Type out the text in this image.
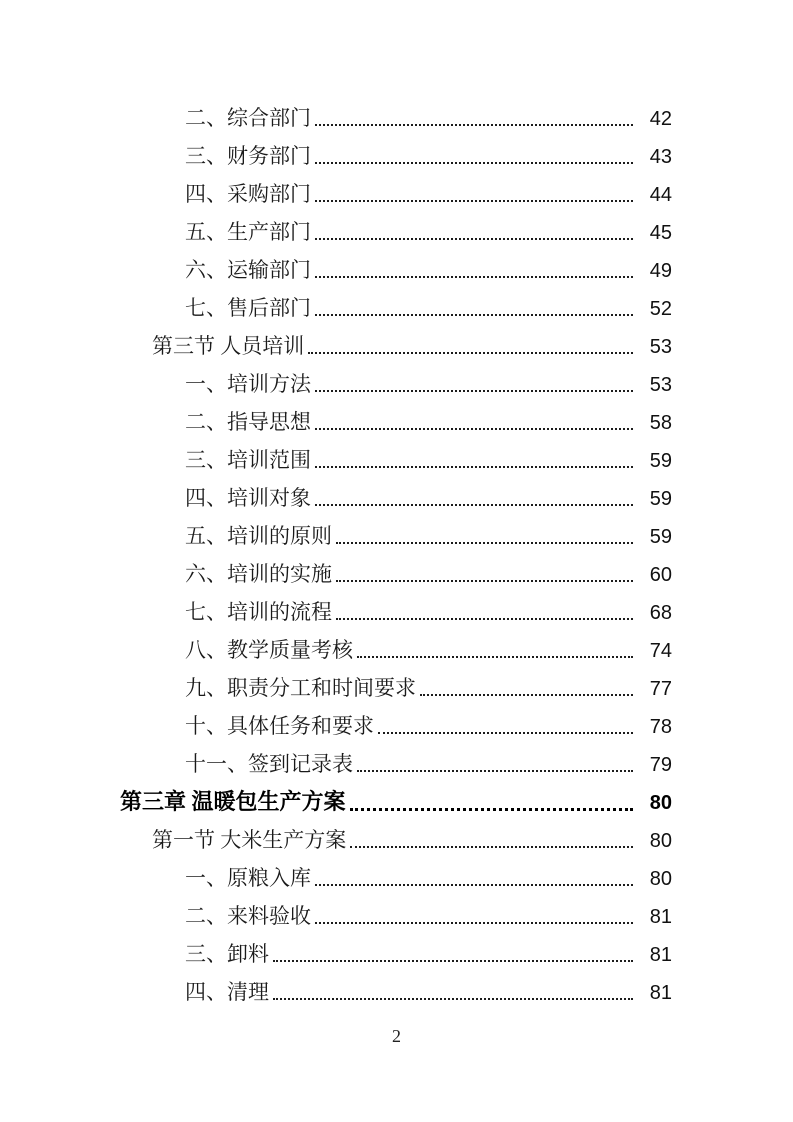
二、综合部门	42
三、财务部门	43
四、采购部门	44
五、生产部门	45
六、运输部门	49
七、售后部门	52
第三节 人员培训	53
一、培训方法	53
二、指导思想	58
三、培训范围	59
四、培训对象	59
五、培训的原则	59
六、培训的实施	60
七、培训的流程	68
八、教学质量考核	74
九、职责分工和时间要求	77
十、具体任务和要求	78
十一、签到记录表	79
第三章 温暖包生产方案	80
第一节 大米生产方案	80
一、原粮入库	80
二、来料验收	81
三、卸料	81
四、清理	81
2
